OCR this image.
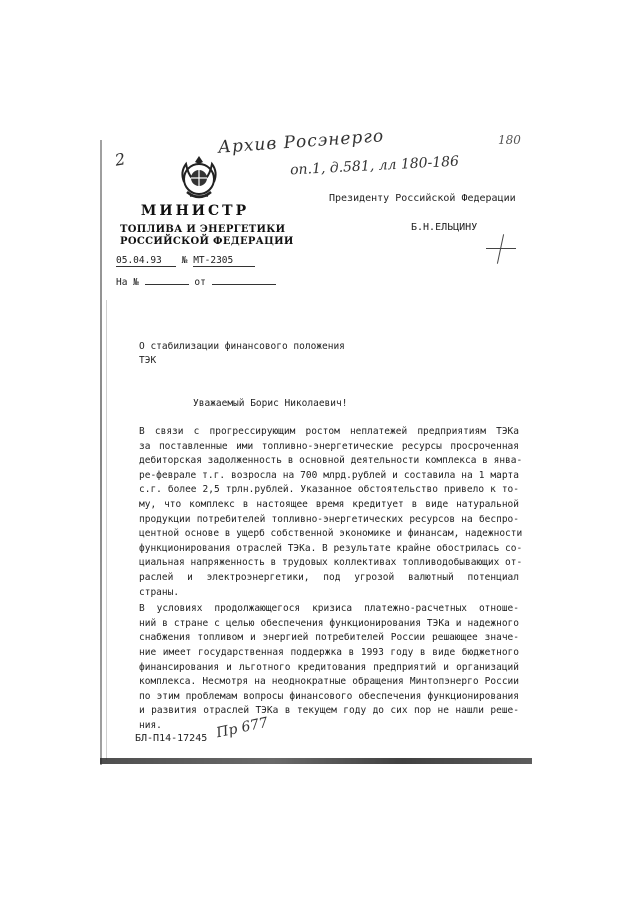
2
Архив Росэнерго	180
оп.1, д.581, лл 180-186
МИНИСТР
ТОПЛИВА И ЭНЕРГЕТИКИ
РОССИЙСКОЙ ФЕДЕРАЦИИ
05.04.93 № МТ-2305
На №	от
Президенту Российской Федерации
Б.Н.ЕЛЬЦИНУ
О стабилизации финансового положения
ТЭК
Уважаемый Борис Николаевич!
В связи с прогрессирующим ростом неплатежей предприятиям ТЭКа
за поставленные ими топливно-энергетические ресурсы просроченная
дебиторская задолженность в основной деятельности комплекса в янва-
ре-феврале т.г. возросла на 700 млрд.рублей и составила на 1 марта
с.г. более 2,5 трлн.рублей. Указанное обстоятельство привело к то-
му, что комплекс в настоящее время кредитует в виде натуральной
продукции потребителей топливно-энергетических ресурсов на беспро-
центной основе в ущерб собственной экономике и финансам, надежности
функционирования отраслей ТЭКа. В результате крайне обострилась со-
циальная напряженность в трудовых коллективах топливодобывающих от-
раслей и электроэнергетики, под угрозой валютный потенциал
страны.
В условиях продолжающегося кризиса платежно-расчетных отноше-
ний в стране с целью обеспечения функционирования ТЭКа и надежного
снабжения топливом и энергией потребителей России решающее значе-
ние имеет государственная поддержка в 1993 году в виде бюджетного
финансирования и льготного кредитования предприятий и организаций
комплекса. Несмотря на неоднократные обращения Минтопэнерго России
по этим проблемам вопросы финансового обеспечения функционирования
и развития отраслей ТЭКа в текущем году до сих пор не нашли реше-
ния.
БЛ-П14-17245 Пр 677
